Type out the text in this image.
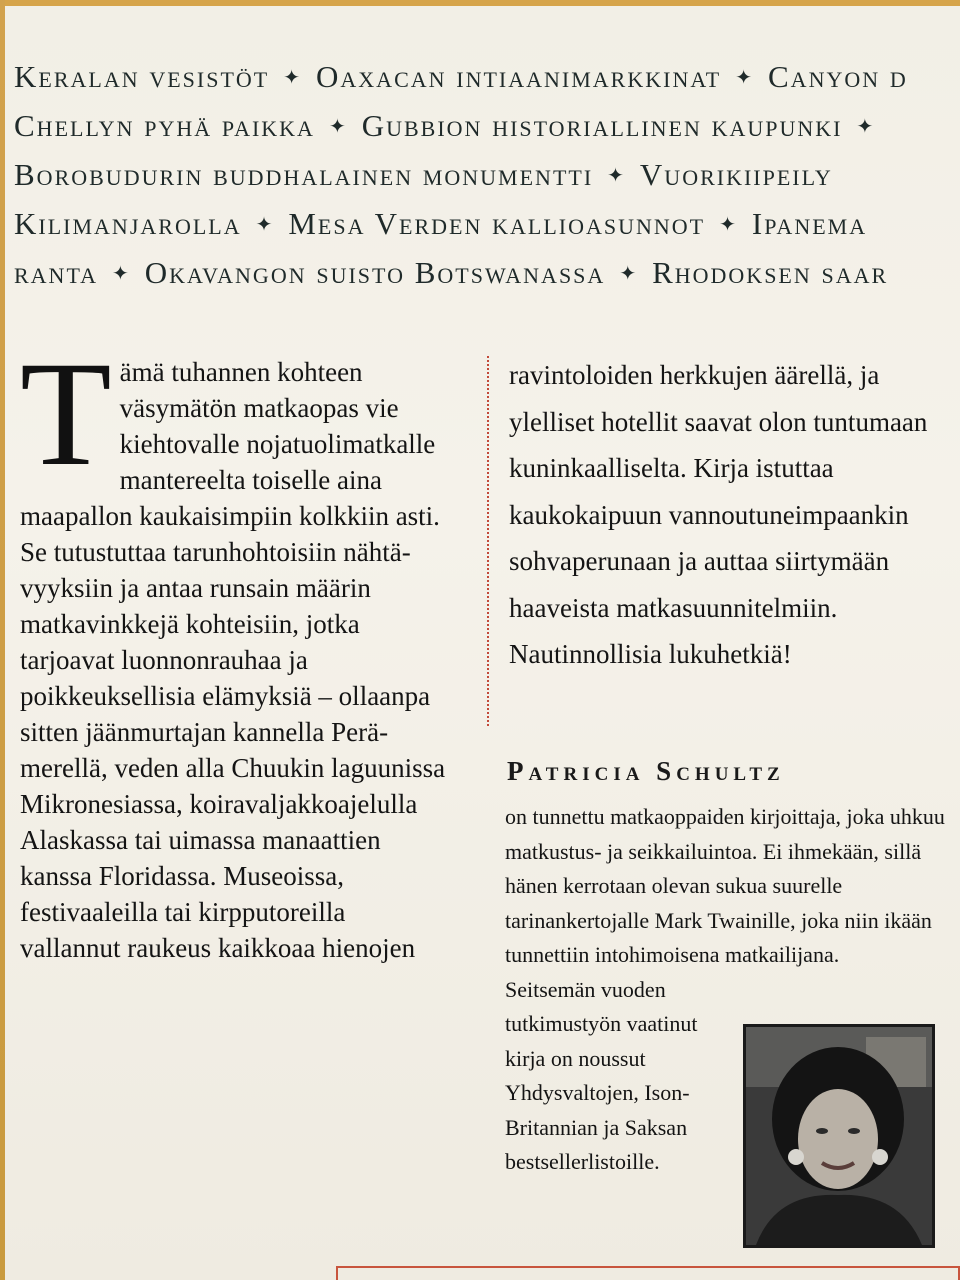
Keralan vesistöt ✦ Oaxacan intiaanimarkkinat ✦ Canyon d
Chellyn pyhä paikka ✦ Gubbion historiallinen kaupunki ✦
Borobudurin buddhalainen monumentti ✦ Vuorikiipeily
Kilimanjarolla ✦ Mesa Verden kallioasunnot ✦ Ipanema
ranta ✦ Okavangon suisto Botswanassa ✦ Rhodoksen saar
T ämä tuhannen kohteen väsymätön matkaopas vie kiehtovalle nojatuolimatkalle mantereelta toiselle aina maapallon kaukaisimpiin kolkkiin asti. Se tutustuttaa tarunhohtoisiin nähtävyyksiin ja antaa runsain määrin matkavinkkejä kohteisiin, jotka tarjoavat luonnonrauhaa ja poikkeuksellisia elämyksiä – ollaanpa sitten jäänmurtajan kannella Perämerellä, veden alla Chuukin laguunissa Mikronesiassa, koiravaljakkoajelulla Alaskassa tai uimassa manaattien kanssa Floridassa. Museoissa, festivaaleilla tai kirpputoreilla vallannut raukeus kaikkoaa hienojen

ravintoloiden herkkujen äärellä, ja ylelliset hotellit saavat olon tuntumaan kuninkaalliselta. Kirja istuttaa kaukokaipuun vannoutuneimpaankin sohvaperunaan ja auttaa siirtymään haaveista matkasuunnitelmiin. Nautinnollisia lukuhetkiä!

Patricia Schultz
on tunnettu matkaoppaiden kirjoittaja, joka uhkuu matkustus- ja seikkailuintoa. Ei ihmekään, sillä hänen kerrotaan olevan sukua suurelle tarinankertojalle Mark Twainille, joka niin ikään tunnettiin intohimoisena matkailijana.
Seitsemän vuoden tutkimustyön vaatinut kirja on noussut Yhdysvaltojen, Ison-Britannian ja Saksan bestsellerlistoille.
